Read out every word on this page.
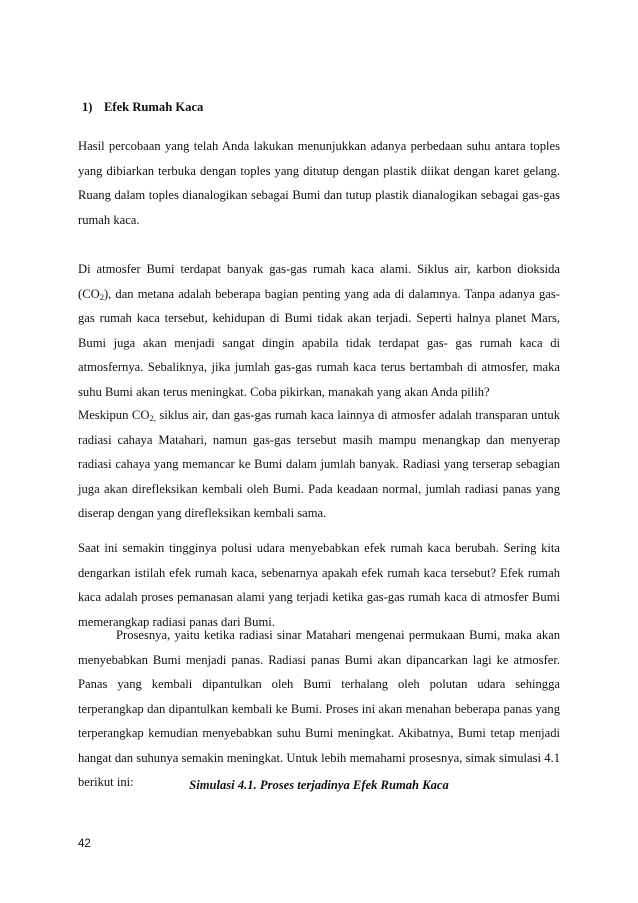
1) Efek Rumah Kaca

Hasil percobaan yang telah Anda lakukan menunjukkan adanya perbedaan suhu antara toples yang dibiarkan terbuka dengan toples yang ditutup dengan plastik diikat dengan karet gelang. Ruang dalam toples dianalogikan sebagai Bumi dan tutup plastik dianalogikan sebagai gas-gas rumah kaca.

Di atmosfer Bumi terdapat banyak gas-gas rumah kaca alami. Siklus air, karbon dioksida $(CO_2)$, dan metana adalah beberapa bagian penting yang ada di dalamnya. Tanpa adanya gas-gas rumah kaca tersebut, kehidupan di Bumi tidak akan terjadi. Seperti halnya planet Mars, Bumi juga akan menjadi sangat dingin apabila tidak terdapat gas- gas rumah kaca di atmosfernya. Sebaliknya, jika jumlah gas-gas rumah kaca terus bertambah di atmosfer, maka suhu Bumi akan terus meningkat. Coba pikirkan, manakah yang akan Anda pilih?

Meskipun $CO_{2,}$ siklus air, dan gas-gas rumah kaca lainnya di atmosfer adalah transparan untuk radiasi cahaya Matahari, namun gas-gas tersebut masih mampu menangkap dan menyerap radiasi cahaya yang memancar ke Bumi dalam jumlah banyak. Radiasi yang terserap sebagian juga akan direfleksikan kembali oleh Bumi. Pada keadaan normal, jumlah radiasi panas yang diserap dengan yang direfleksikan kembali sama.

Saat ini semakin tingginya polusi udara menyebabkan efek rumah kaca berubah. Sering kita dengarkan istilah efek rumah kaca, sebenarnya apakah efek rumah kaca tersebut? Efek rumah kaca adalah proses pemanasan alami yang terjadi ketika gas-gas rumah kaca di atmosfer Bumi memerangkap radiasi panas dari Bumi.

Prosesnya, yaitu ketika radiasi sinar Matahari mengenai permukaan Bumi, maka akan menyebabkan Bumi menjadi panas. Radiasi panas Bumi akan dipancarkan lagi ke atmosfer. Panas yang kembali dipantulkan oleh Bumi terhalang oleh polutan udara sehingga terperangkap dan dipantulkan kembali ke Bumi. Proses ini akan menahan beberapa panas yang terperangkap kemudian menyebabkan suhu Bumi meningkat. Akibatnya, Bumi tetap menjadi hangat dan suhunya semakin meningkat. Untuk lebih memahami prosesnya, simak simulasi 4.1 berikut ini:	Simulasi 4.1. Proses terjadinya Efek Rumah Kaca
42
